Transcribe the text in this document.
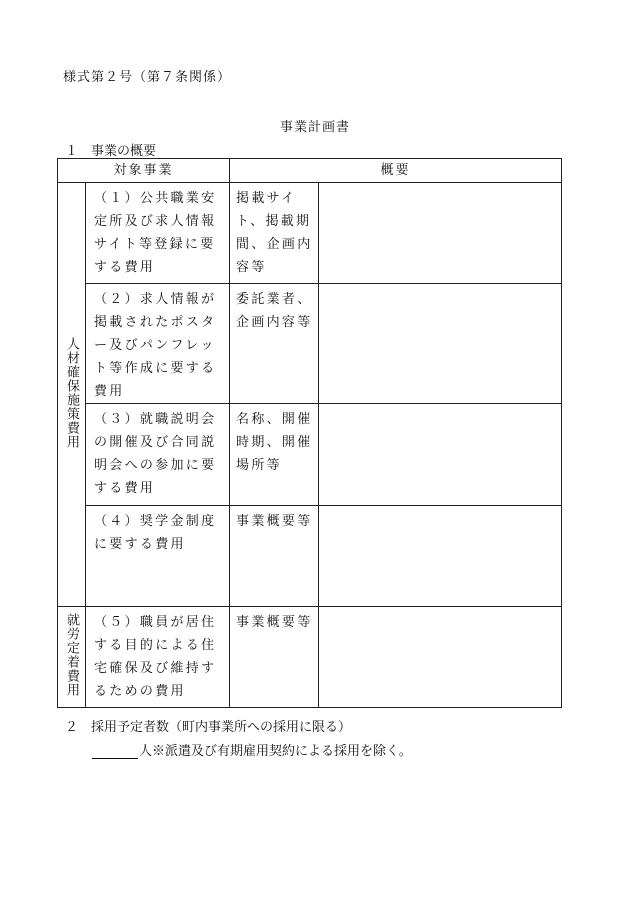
様式第２号（第７条関係）
事業計画書
１ 事業の概要
対象事業		概要	
人材確保施策費用	（１）公共職業安定所及び求人情報サイト等登録に要する費用	掲載サイト、掲載期間、企画内容等	
	（２）求人情報が掲載されたポスター及びパンフレット等作成に要する費用	委託業者、企画内容等	
	（３）就職説明会の開催及び合同説明会への参加に要する費用	名称、開催時期、開催場所等	
	（４）奨学金制度に要する費用	事業概要等	
就労定着費用	（５）職員が居住する目的による住宅確保及び維持するための費用	事業概要等	
２ 採用予定者数（町内事業所への採用に限る）
人※派遣及び有期雇用契約による採用を除く。
